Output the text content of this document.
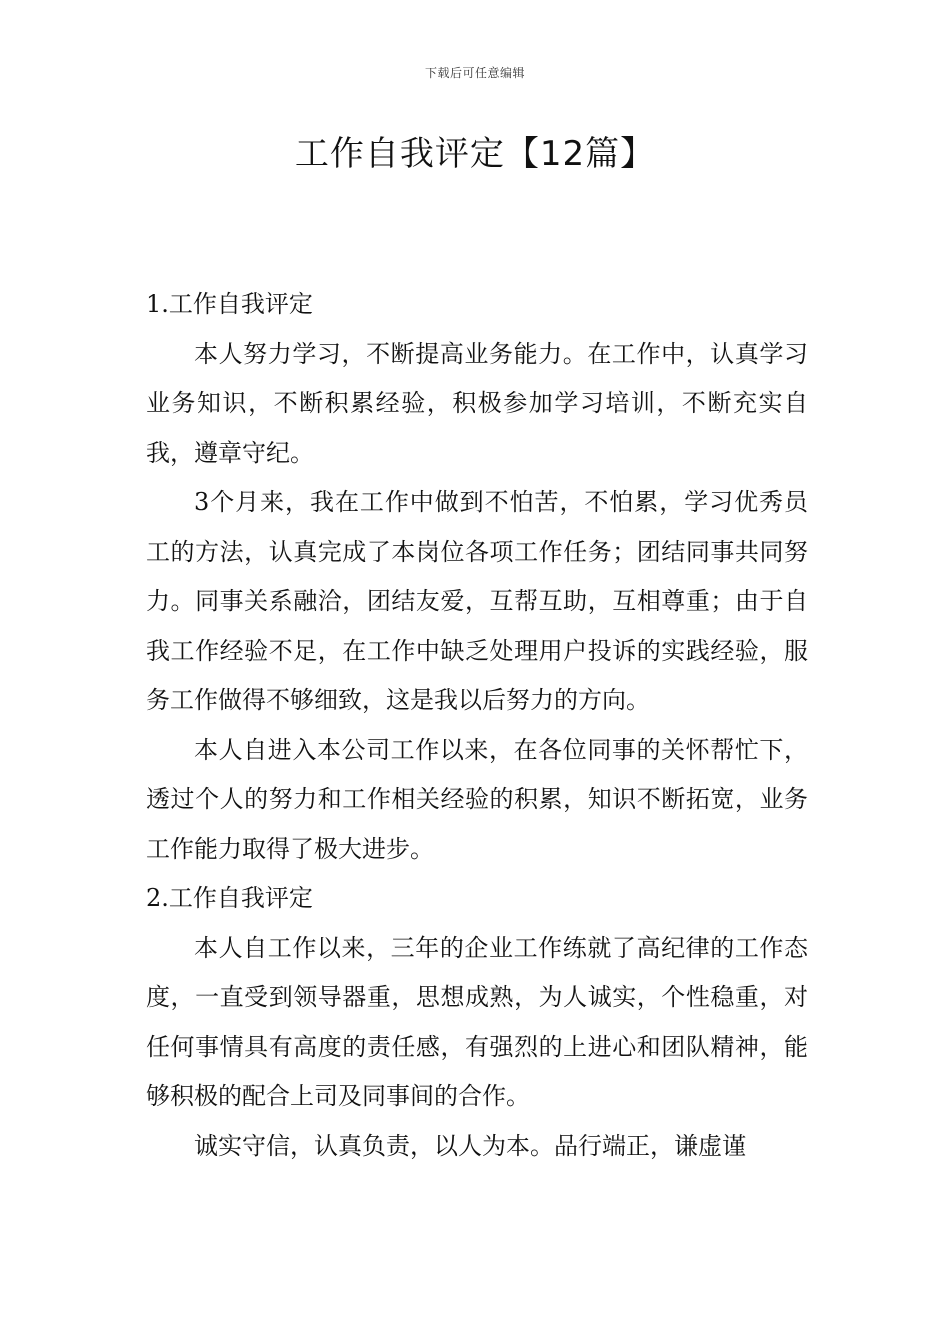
下载后可任意编辑
工作自我评定【12篇】
1.工作自我评定

本人努力学习，不断提高业务能力。在工作中，认真学习业务知识，不断积累经验，积极参加学习培训，不断充实自我，遵章守纪。

3个月来，我在工作中做到不怕苦，不怕累，学习优秀员工的方法，认真完成了本岗位各项工作任务；团结同事共同努力。同事关系融洽，团结友爱，互帮互助，互相尊重；由于自我工作经验不足，在工作中缺乏处理用户投诉的实践经验，服务工作做得不够细致，这是我以后努力的方向。

本人自进入本公司工作以来，在各位同事的关怀帮忙下，透过个人的努力和工作相关经验的积累，知识不断拓宽，业务工作能力取得了极大进步。

2.工作自我评定

本人自工作以来，三年的企业工作练就了高纪律的工作态度，一直受到领导器重，思想成熟，为人诚实，个性稳重，对任何事情具有高度的责任感，有强烈的上进心和团队精神，能够积极的配合上司及同事间的合作。

诚实守信，认真负责，以人为本。品行端正，谦虚谨
